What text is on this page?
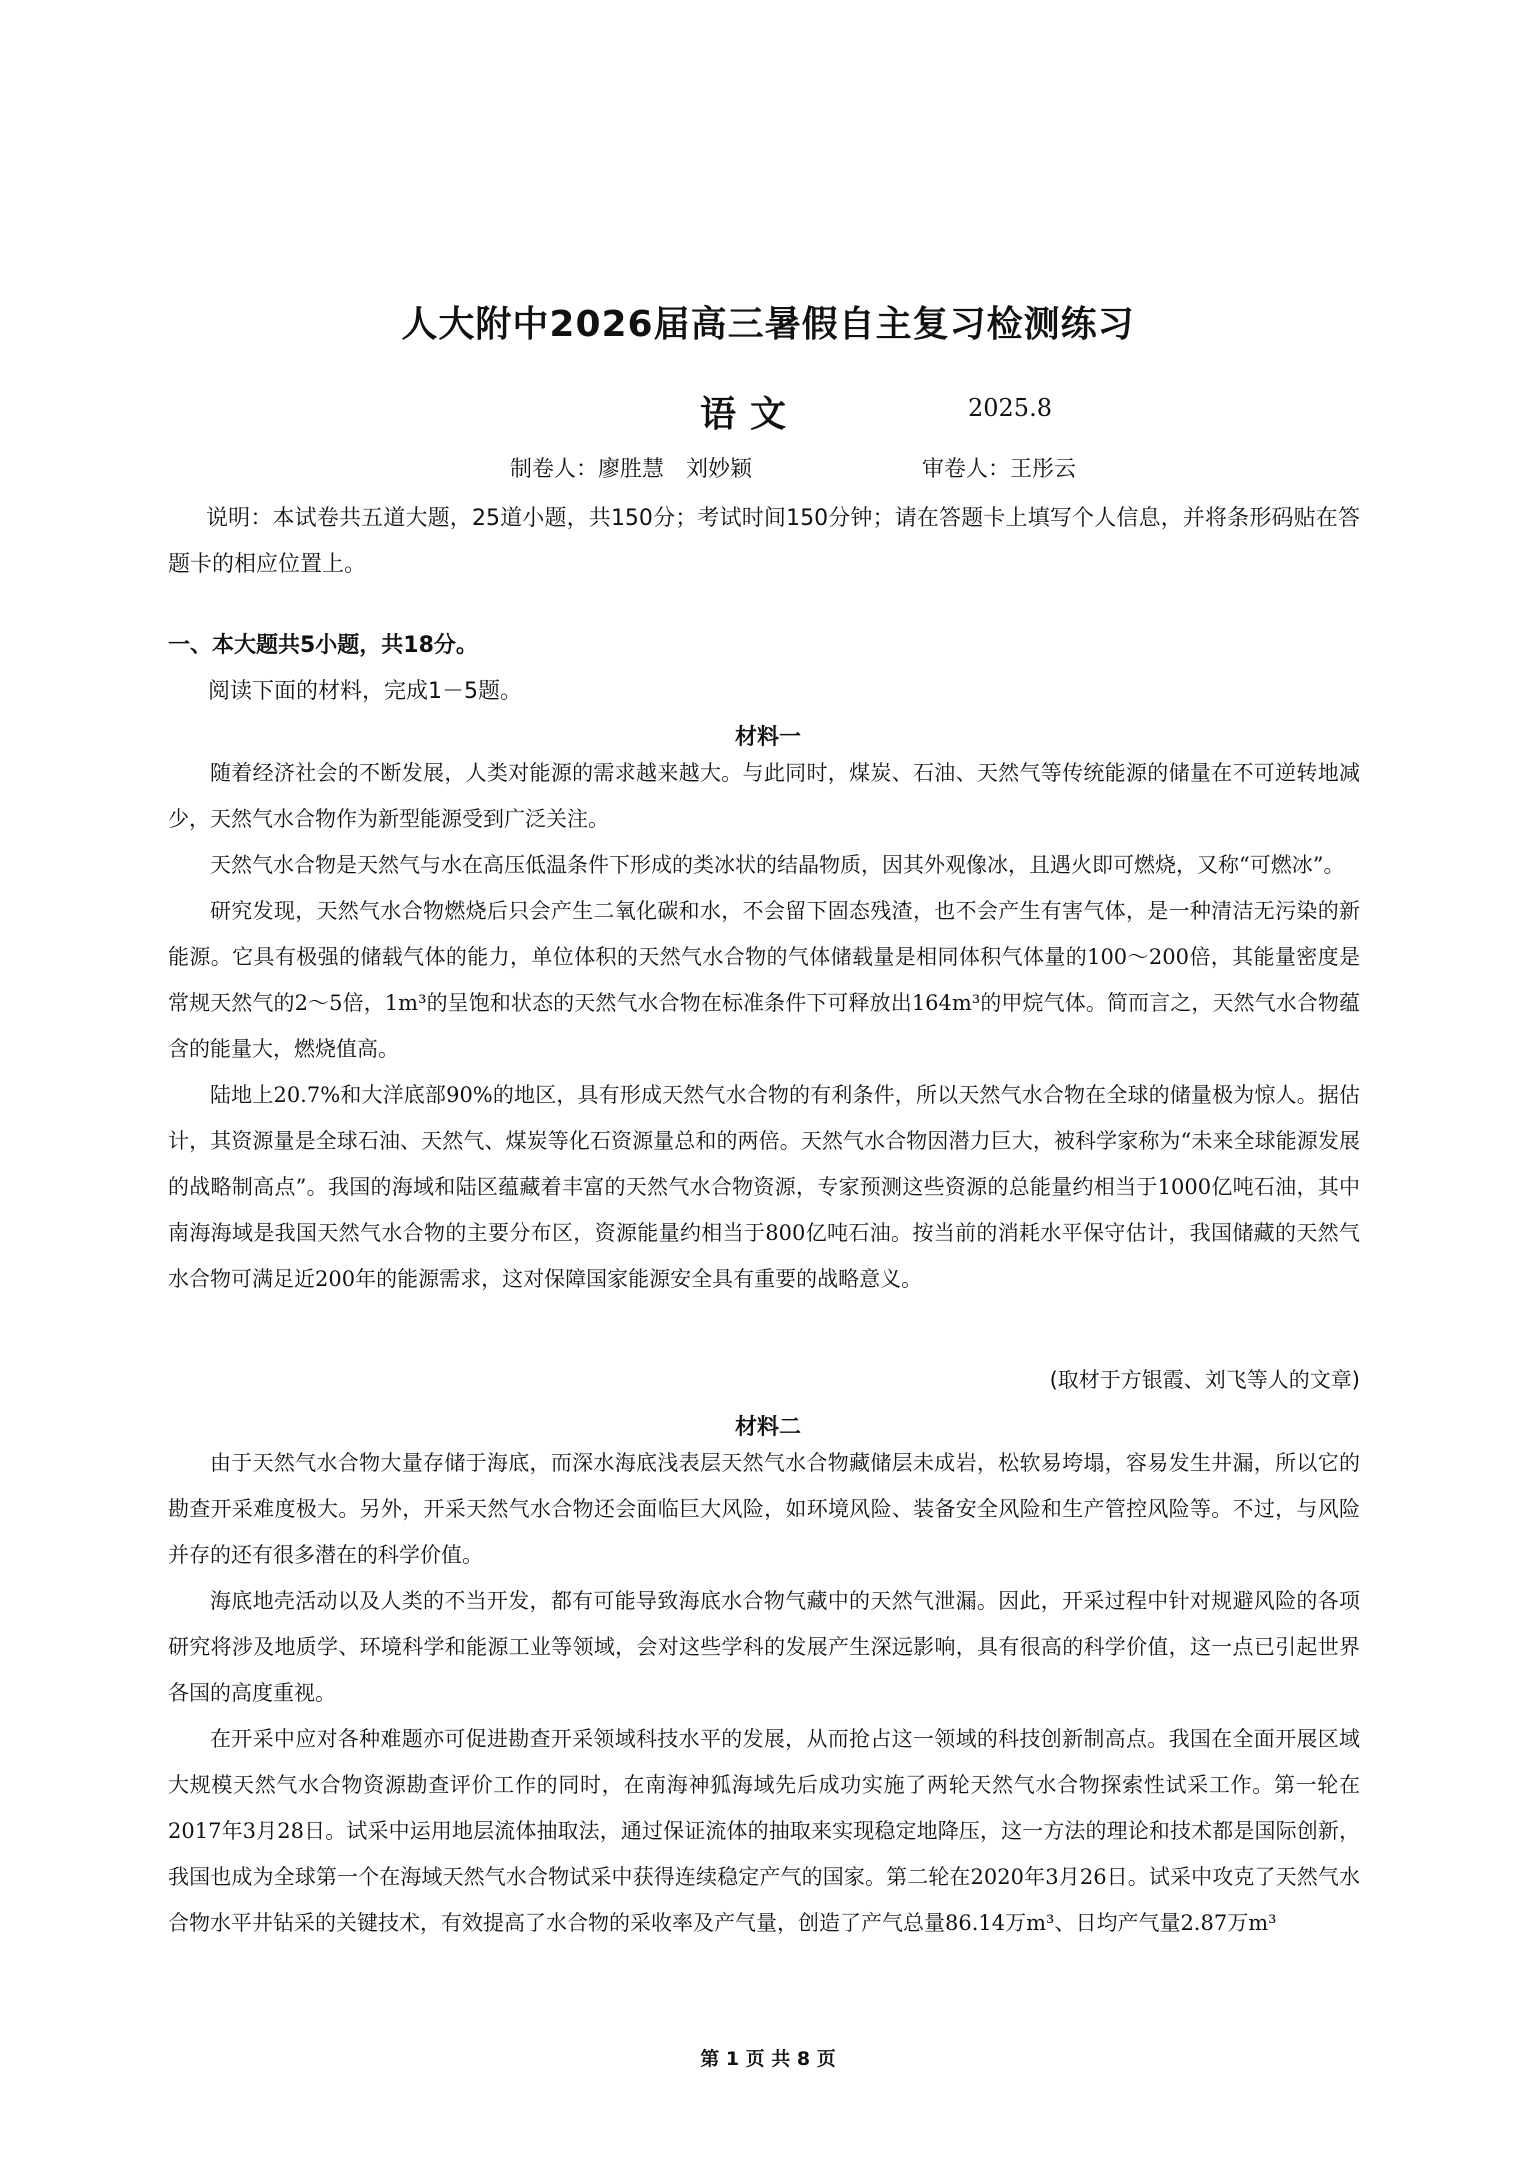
人大附中2026届高三暑假自主复习检测练习
语文	2025.8
制卷人：廖胜慧　刘妙颖	审卷人：王彤云
说明：本试卷共五道大题，25道小题，共150分；考试时间150分钟；请在答题卡上填写个人信息，并将条形码贴在答题卡的相应位置上。
一、本大题共5小题，共18分。
阅读下面的材料，完成1－5题。
材料一

随着经济社会的不断发展，人类对能源的需求越来越大。与此同时，煤炭、石油、天然气等传统能源的储量在不可逆转地减少，天然气水合物作为新型能源受到广泛关注。

天然气水合物是天然气与水在高压低温条件下形成的类冰状的结晶物质，因其外观像冰，且遇火即可燃烧，又称“可燃冰”。

研究发现，天然气水合物燃烧后只会产生二氧化碳和水，不会留下固态残渣，也不会产生有害气体，是一种清洁无污染的新能源。它具有极强的储载气体的能力，单位体积的天然气水合物的气体储载量是相同体积气体量的100～200倍，其能量密度是常规天然气的2～5倍，1m³的呈饱和状态的天然气水合物在标准条件下可释放出164m³的甲烷气体。简而言之，天然气水合物蕴含的能量大，燃烧值高。

陆地上20.7%和大洋底部90%的地区，具有形成天然气水合物的有利条件，所以天然气水合物在全球的储量极为惊人。据估计，其资源量是全球石油、天然气、煤炭等化石资源量总和的两倍。天然气水合物因潜力巨大，被科学家称为“未来全球能源发展的战略制高点”。我国的海域和陆区蕴藏着丰富的天然气水合物资源，专家预测这些资源的总能量约相当于1000亿吨石油，其中南海海域是我国天然气水合物的主要分布区，资源能量约相当于800亿吨石油。按当前的消耗水平保守估计，我国储藏的天然气水合物可满足近200年的能源需求，这对保障国家能源安全具有重要的战略意义。

(取材于方银霞、刘飞等人的文章)
材料二

由于天然气水合物大量存储于海底，而深水海底浅表层天然气水合物藏储层未成岩，松软易垮塌，容易发生井漏，所以它的勘查开采难度极大。另外，开采天然气水合物还会面临巨大风险，如环境风险、装备安全风险和生产管控风险等。不过，与风险并存的还有很多潜在的科学价值。

海底地壳活动以及人类的不当开发，都有可能导致海底水合物气藏中的天然气泄漏。因此，开采过程中针对规避风险的各项研究将涉及地质学、环境科学和能源工业等领域，会对这些学科的发展产生深远影响，具有很高的科学价值，这一点已引起世界各国的高度重视。

在开采中应对各种难题亦可促进勘查开采领域科技水平的发展，从而抢占这一领域的科技创新制高点。我国在全面开展区域大规模天然气水合物资源勘查评价工作的同时，在南海神狐海域先后成功实施了两轮天然气水合物探索性试采工作。第一轮在2017年3月28日。试采中运用地层流体抽取法，通过保证流体的抽取来实现稳定地降压，这一方法的理论和技术都是国际创新，我国也成为全球第一个在海域天然气水合物试采中获得连续稳定产气的国家。第二轮在2020年3月26日。试采中攻克了天然气水合物水平井钻采的关键技术，有效提高了水合物的采收率及产气量，创造了产气总量86.14万m³、日均产气量2.87万m³

第 1 页 共 8 页
